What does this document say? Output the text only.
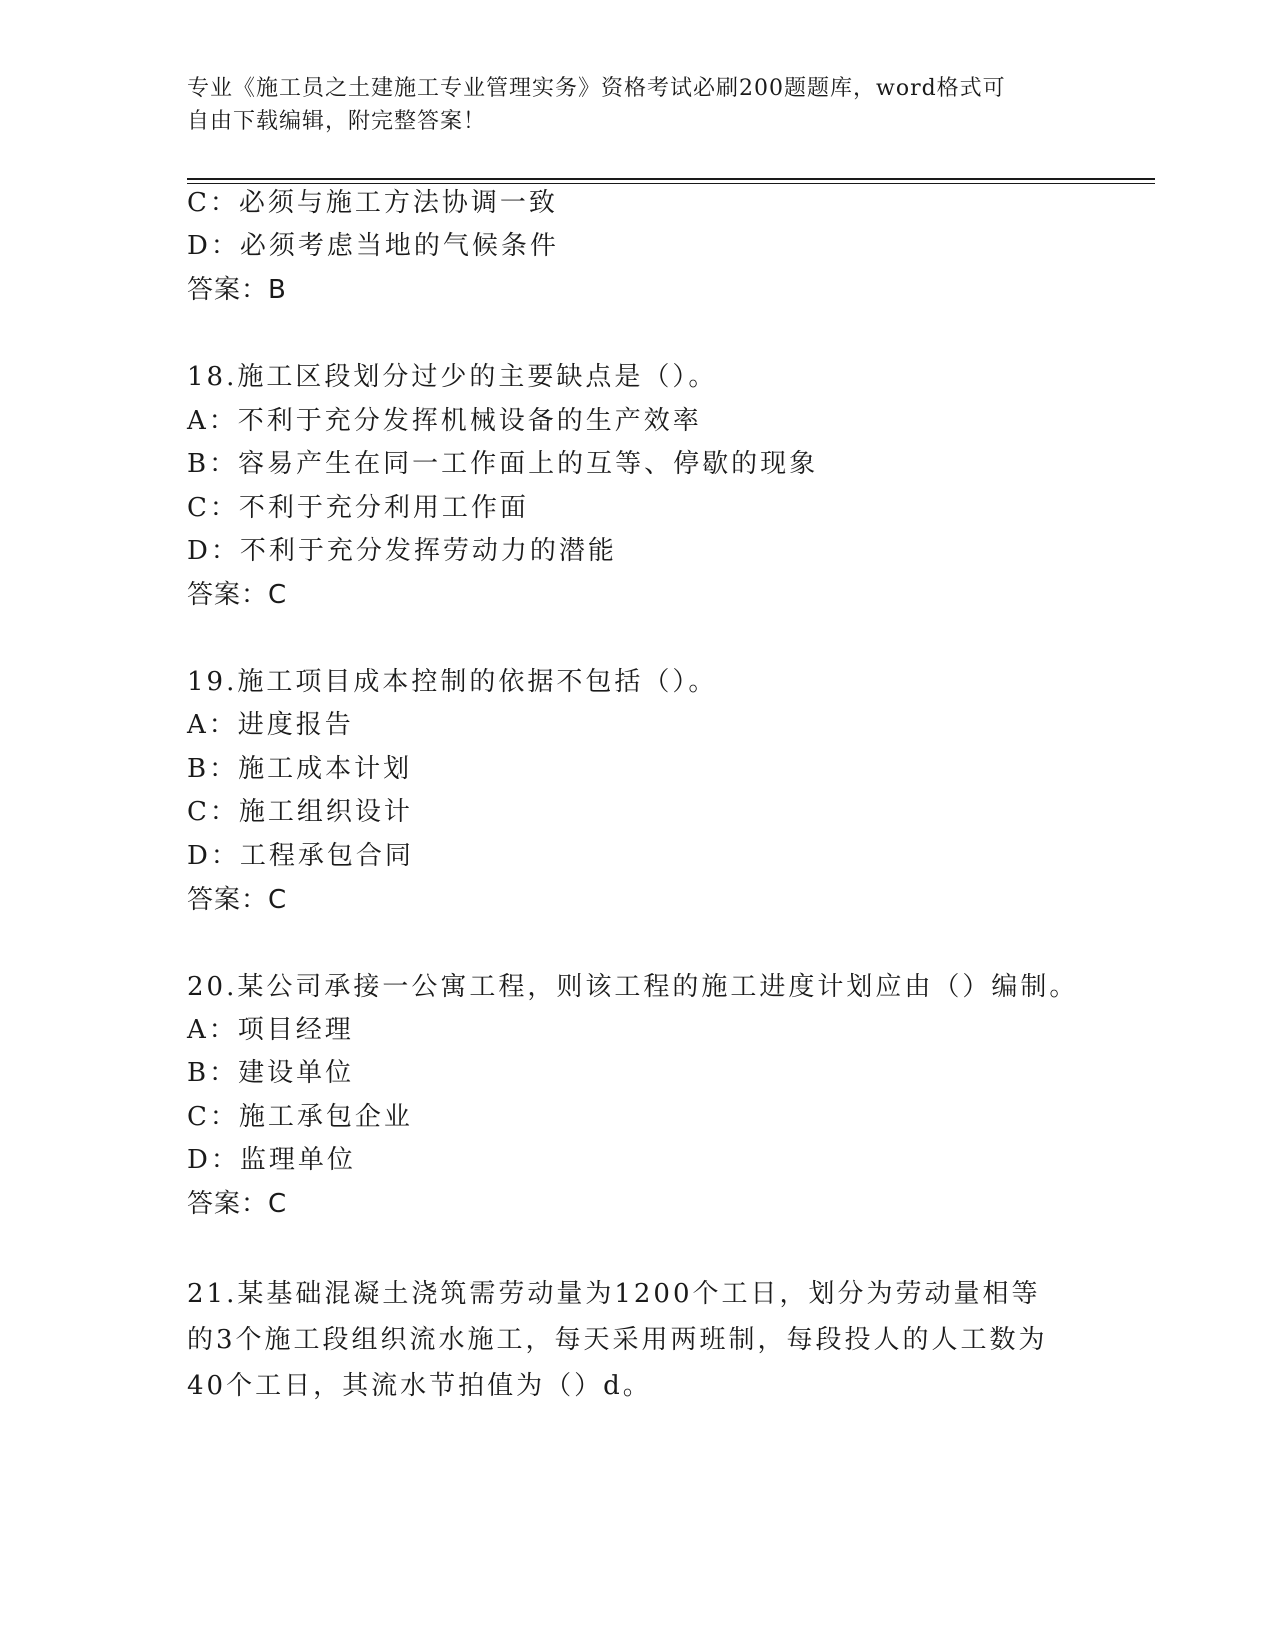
专业《施工员之土建施工专业管理实务》资格考试必刷200题题库，word格式可
自由下载编辑，附完整答案！
C：必须与施工方法协调一致
D：必须考虑当地的气候条件
答案：B
18.施工区段划分过少的主要缺点是（）。
A：不利于充分发挥机械设备的生产效率
B：容易产生在同一工作面上的互等、停歇的现象
C：不利于充分利用工作面
D：不利于充分发挥劳动力的潜能
答案：C
19.施工项目成本控制的依据不包括（）。
A：进度报告
B：施工成本计划
C：施工组织设计
D：工程承包合同
答案：C
20.某公司承接一公寓工程，则该工程的施工进度计划应由（）编制。
A：项目经理
B：建设单位
C：施工承包企业
D：监理单位
答案：C
21.某基础混凝土浇筑需劳动量为1200个工日，划分为劳动量相等的3个施工段组织流水施工，每天采用两班制，每段投人的人工数为40个工日，其流水节拍值为（）d。
